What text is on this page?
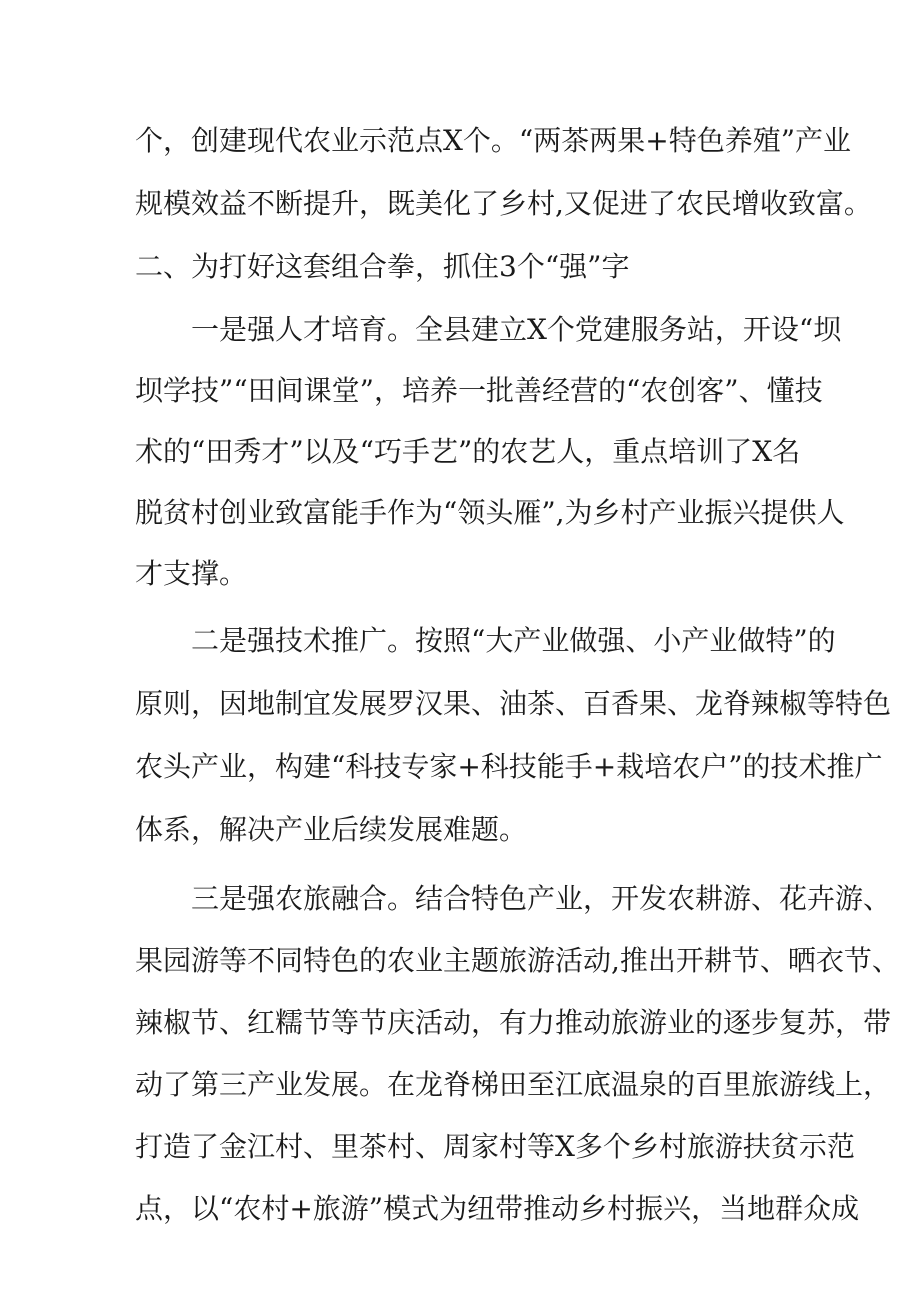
个，创建现代农业示范点X个。“两茶两果+特色养殖”产业
规模效益不断提升，既美化了乡村,又促进了农民增收致富。
二、为打好这套组合拳，抓住3个“强”字
一是强人才培育。全县建立X个党建服务站，开设“坝
坝学技”“田间课堂”，培养一批善经营的“农创客”、懂技
术的“田秀才”以及“巧手艺”的农艺人，重点培训了X名
脱贫村创业致富能手作为“领头雁”,为乡村产业振兴提供人
才支撑。
二是强技术推广。按照“大产业做强、小产业做特”的
原则，因地制宜发展罗汉果、油茶、百香果、龙脊辣椒等特色
农头产业，构建“科技专家+科技能手+栽培农户”的技术推广
体系，解决产业后续发展难题。
三是强农旅融合。结合特色产业，开发农耕游、花卉游、
果园游等不同特色的农业主题旅游活动,推出开耕节、晒衣节、
辣椒节、红糯节等节庆活动，有力推动旅游业的逐步复苏，带
动了第三产业发展。在龙脊梯田至江底温泉的百里旅游线上，
打造了金江村、里茶村、周家村等X多个乡村旅游扶贫示范
点，以“农村+旅游”模式为纽带推动乡村振兴，当地群众成
